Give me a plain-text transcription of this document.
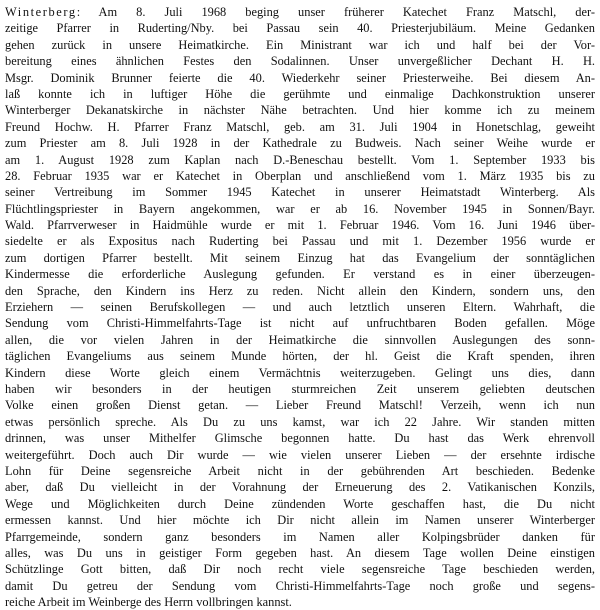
Winterberg: Am 8. Juli 1968 beging unser früherer Katechet Franz Matschl, der-
zeitige Pfarrer in Ruderting/Nby. bei Passau sein 40. Priesterjubiläum. Meine Gedanken
gehen zurück in unsere Heimatkirche. Ein Ministrant war ich und half bei der Vor-
bereitung eines ähnlichen Festes den Sodalinnen. Unser unvergeßlicher Dechant H. H.
Msgr. Dominik Brunner feierte die 40. Wiederkehr seiner Priesterweihe. Bei diesem An-
laß konnte ich in luftiger Höhe die gerühmte und einmalige Dachkonstruktion unserer
Winterberger Dekanatskirche in nächster Nähe betrachten. Und hier komme ich zu meinem
Freund Hochw. H. Pfarrer Franz Matschl, geb. am 31. Juli 1904 in Honetschlag, geweiht
zum Priester am 8. Juli 1928 in der Kathedrale zu Budweis. Nach seiner Weihe wurde er
am 1. August 1928 zum Kaplan nach D.-Beneschau bestellt. Vom 1. September 1933 bis
28. Februar 1935 war er Katechet in Oberplan und anschließend vom 1. März 1935 bis zu
seiner Vertreibung im Sommer 1945 Katechet in unserer Heimatstadt Winterberg. Als
Flüchtlingspriester in Bayern angekommen, war er ab 16. November 1945 in Sonnen/Bayr.
Wald. Pfarrverweser in Haidmühle wurde er mit 1. Februar 1946. Vom 16. Juni 1946 über-
siedelte er als Expositus nach Ruderting bei Passau und mit 1. Dezember 1956 wurde er
zum dortigen Pfarrer bestellt. Mit seinem Einzug hat das Evangelium der sonntäglichen
Kindermesse die erforderliche Auslegung gefunden. Er verstand es in einer überzeugen-
den Sprache, den Kindern ins Herz zu reden. Nicht allein den Kindern, sondern uns, den
Erziehern — seinen Berufskollegen — und auch letztlich unseren Eltern. Wahrhaft, die
Sendung vom Christi-Himmelfahrts-Tage ist nicht auf unfruchtbaren Boden gefallen. Möge
allen, die vor vielen Jahren in der Heimatkirche die sinnvollen Auslegungen des sonn-
täglichen Evangeliums aus seinem Munde hörten, der hl. Geist die Kraft spenden, ihren
Kindern diese Worte gleich einem Vermächtnis weiterzugeben. Gelingt uns dies, dann
haben wir besonders in der heutigen sturmreichen Zeit unserem geliebten deutschen
Volke einen großen Dienst getan. — Lieber Freund Matschl! Verzeih, wenn ich nun
etwas persönlich spreche. Als Du zu uns kamst, war ich 22 Jahre. Wir standen mitten
drinnen, was unser Mithelfer Glimsche begonnen hatte. Du hast das Werk ehrenvoll
weitergeführt. Doch auch Dir wurde — wie vielen unserer Lieben — der ersehnte irdische
Lohn für Deine segensreiche Arbeit nicht in der gebührenden Art beschieden. Bedenke
aber, daß Du vielleicht in der Vorahnung der Erneuerung des 2. Vatikanischen Konzils,
Wege und Möglichkeiten durch Deine zündenden Worte geschaffen hast, die Du nicht
ermessen kannst. Und hier möchte ich Dir nicht allein im Namen unserer Winterberger
Pfarrgemeinde, sondern ganz besonders im Namen aller Kolpingsbrüder danken für
alles, was Du uns in geistiger Form gegeben hast. An diesem Tage wollen Deine einstigen
Schützlinge Gott bitten, daß Dir noch recht viele segensreiche Tage beschieden werden,
damit Du getreu der Sendung vom Christi-Himmelfahrts-Tage noch große und segens-
reiche Arbeit im Weinberge des Herrn vollbringen kannst.
